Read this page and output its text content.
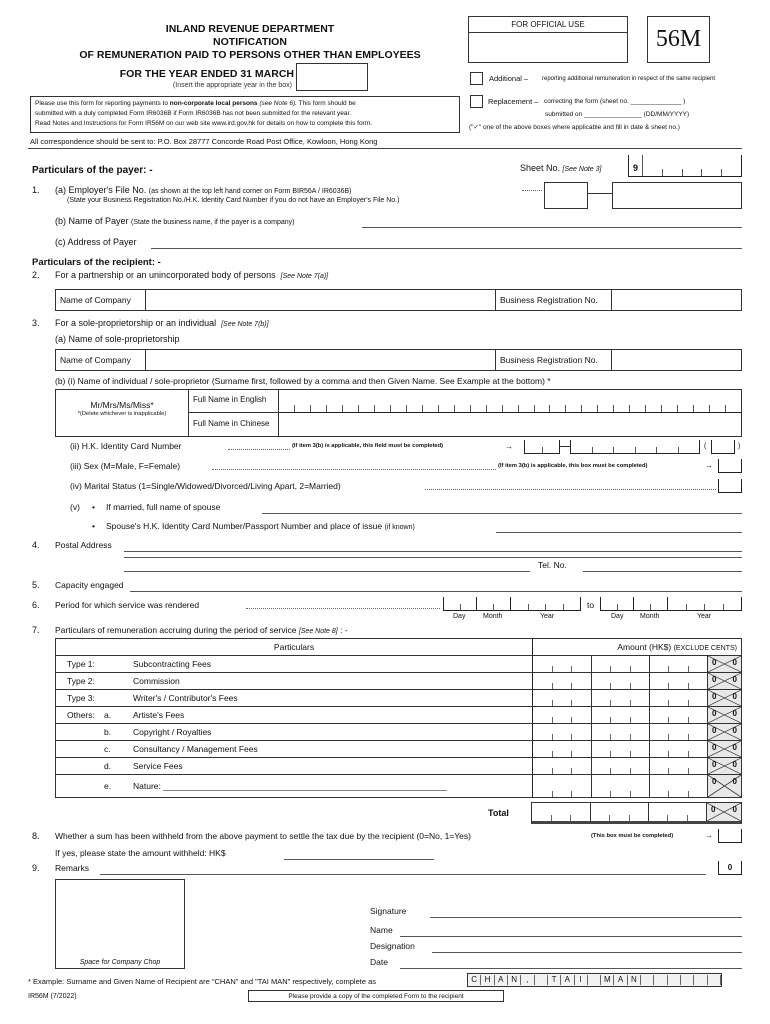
INLAND REVENUE DEPARTMENT
NOTIFICATION
OF REMUNERATION PAID TO PERSONS OTHER THAN EMPLOYEES
FOR THE YEAR ENDED 31 MARCH
(Insert the appropriate year in the box)
Please use this form for reporting payments to non-corporate local persons (see Note 6). This form should be
submitted with a duly completed Form IR6036B if Form IR6036B has not been submitted for the relevant year.
Read Notes and Instructions for Form IR56M on our web site www.ird.gov.hk for details on how to complete this form.
All correspondence should be sent to: P.O. Box 28777 Concorde Road Post Office, Kowloon, Hong Kong
FOR OFFICIAL USE
56M
Additional – reporting additional remuneration in respect of the same recipient
Replacement – correcting the form (sheet no. ______________ )
submitted on ________________ (DD/MM/YYYY)
("✓" one of the above boxes where applicable and fill in date & sheet no.)
Particulars of the payer: -	Sheet No. [See Note 3]	9
1. (a) Employer's File No. (as shown at the top left hand corner on Form BIR56A / IR6036B)
(State your Business Registration No./H.K. Identity Card Number if you do not have an Employer's File No.)
(b) Name of Payer (State the business name, if the payer is a company)
(c) Address of Payer
Particulars of the recipient: -
2. For a partnership or an unincorporated body of persons [See Note 7(a)]
Name of Company		Business Registration No.	
3. For a sole-proprietorship or an individual [See Note 7(b)]
(a) Name of sole-proprietorship
Name of Company		Business Registration No.	
(b) (i) Name of individual / sole-proprietor (Surname first, followed by a comma and then Given Name. See Example at the bottom) *
Mr/Mrs/Ms/Miss*
*(Delete whichever is inapplicable)
Full Name in English
Full Name in Chinese
(ii) H.K. Identity Card Number	(If item 3(b) is applicable, this field must be completed)	→	(	)
(iii) Sex (M=Male, F=Female)	(If item 3(b) is applicable, this box must be completed)	→
(iv) Marital Status (1=Single/Widowed/Divorced/Living Apart, 2=Married)
(v) • If married, full name of spouse
• Spouse's H.K. Identity Card Number/Passport Number and place of issue (if known)
4. Postal Address
Tel. No.
5. Capacity engaged
6. Period for which service was rendered
Day	Month	Year
to
Day Month	Year
7. Particulars of remuneration accruing during the period of service [See Note 8] : -
Particulars	Amount (HK$) (EXCLUDE CENTS)
Type 1:	Subcontracting Fees	0 0
Type 2:	Commission	0 0
Type 3:	Writer's / Contributor's Fees	0 0
Others:	a.	Artiste's Fees	0 0
b.	Copyright / Royalties	0 0
c.	Consultancy / Management Fees	0 0
d.	Service Fees	0 0
e.	Nature: ____________________________________________________________	0 0
Total	0 0
8. Whether a sum has been withheld from the above payment to settle the tax due by the recipient (0=No, 1=Yes)	(This box must be completed)	→
If yes, please state the amount withheld: HK$
9. Remarks	0
Space for Company Chop
Signature
Name
Designation
Date
* Example: Surname and Given Name of Recipient are "CHAN" and "TAI MAN" respectively, complete as	C H A N	,	T	A	I	M A N
IR56M (7/2022)	Please provide a copy of the completed Form to the recipient
